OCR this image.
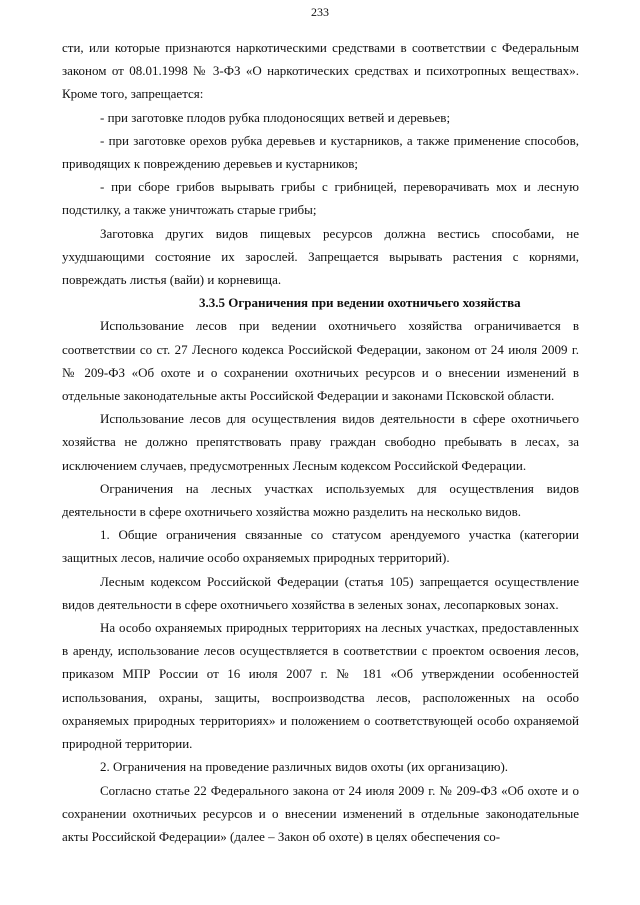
233

сти, или которые признаются наркотическими средствами в соответствии с Федеральным законом от 08.01.1998 № 3-ФЗ «О наркотических средствах и психотропных веществах». Кроме того, запрещается:

- при заготовке плодов рубка плодоносящих ветвей и деревьев;

- при заготовке орехов рубка деревьев и кустарников, а также применение способов, приводящих к повреждению деревьев и кустарников;

- при сборе грибов вырывать грибы с грибницей, переворачивать мох и лесную подстилку, а также уничтожать старые грибы;

Заготовка других видов пищевых ресурсов должна вестись способами, не ухудшающими состояние их зарослей. Запрещается вырывать растения с корнями, повреждать листья (вайи) и корневища.

3.3.5 Ограничения при ведении охотничьего хозяйства

Использование лесов при ведении охотничьего хозяйства ограничивается в соответствии со ст. 27 Лесного кодекса Российской Федерации, законом от 24 июля 2009 г. № 209-ФЗ «Об охоте и о сохранении охотничьих ресурсов и о внесении изменений в отдельные законодательные акты Российской Федерации и законами Псковской области.

Использование лесов для осуществления видов деятельности в сфере охотничьего хозяйства не должно препятствовать праву граждан свободно пребывать в лесах, за исключением случаев, предусмотренных Лесным кодексом Российской Федерации.

Ограничения на лесных участках используемых для осуществления видов деятельности в сфере охотничьего хозяйства можно разделить на несколько видов.

1. Общие ограничения связанные со статусом арендуемого участка (категории защитных лесов, наличие особо охраняемых природных территорий).

Лесным кодексом Российской Федерации (статья 105) запрещается осуществление видов деятельности в сфере охотничьего хозяйства в зеленых зонах, лесопарковых зонах.

На особо охраняемых природных территориях на лесных участках, предоставленных в аренду, использование лесов осуществляется в соответствии с проектом освоения лесов, приказом МПР России от 16 июля 2007 г. № 181 «Об утверждении особенностей использования, охраны, защиты, воспроизводства лесов, расположенных на особо охраняемых природных территориях» и положением о соответствующей особо охраняемой природной территории.

2. Ограничения на проведение различных видов охоты (их организацию).

Согласно статье 22 Федерального закона от 24 июля 2009 г. № 209-ФЗ «Об охоте и о сохранении охотничьих ресурсов и о внесении изменений в отдельные законодательные акты Российской Федерации» (далее – Закон об охоте) в целях обеспечения со-
